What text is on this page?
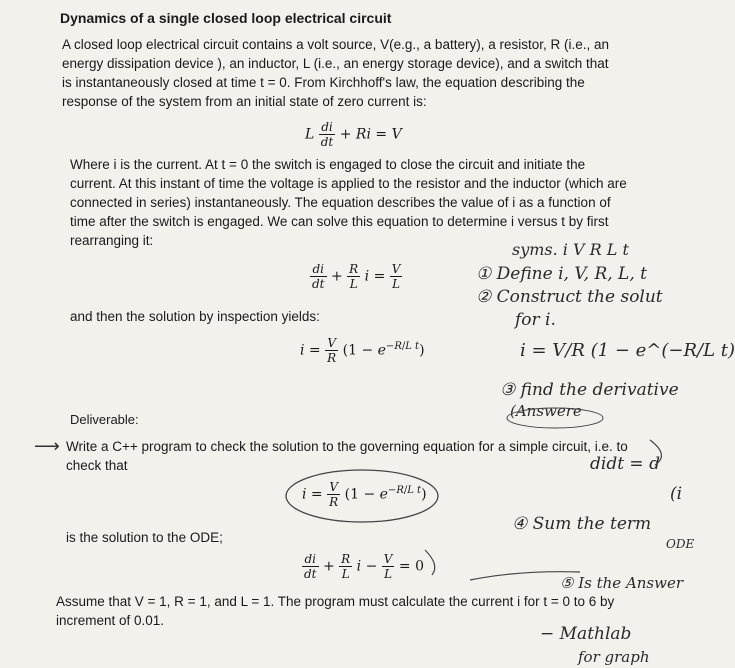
Dynamics of a single closed loop electrical circuit
A closed loop electrical circuit contains a volt source, V(e.g., a battery), a resistor, R (i.e., an energy dissipation device ), an inductor, L (i.e., an energy storage device), and a switch that is instantaneously closed at time t = 0. From Kirchhoff's law, the equation describing the response of the system from an initial state of zero current is:
L $\frac{di}{dt} + Ri = V$
Where i is the current. At t = 0 the switch is engaged to close the circuit and initiate the current. At this instant of time the voltage is applied to the resistor and the inductor (which are connected in series) instantaneously. The equation describes the value of i as a function of time after the switch is engaged. We can solve this equation to determine i versus t by first rearranging it:
$\frac{di}{dt} + \frac{R}{L}$ $i = \frac{V}{L}$
and then the solution by inspection yields:
$i = \frac{V}{R} (1 - e^{-R/L t})$
Deliverable:
⟶ Write a C++ program to check the solution to the governing equation for a simple circuit, i.e. to check that
$i = \frac{V}{R} (1 - e^{-R/L t})$
is the solution to the ODE;
$\frac{di}{dt} + \frac{R}{L}$ $i - \frac{V}{L} = 0$
Assume that V = 1, R = 1, and L = 1. The program must calculate the current i for t = 0 to 6 by increment of 0.01.
syms. i V R L t
① Define i, V, R, L, t
② Construct the solut
for i.
i = V/R (1 − e^(−R/L t)
③ find the derivative
(Answere
didt = d
(i
④ Sum the term
ODE
⑤ Is the Answer
− Mathlab
for graph
